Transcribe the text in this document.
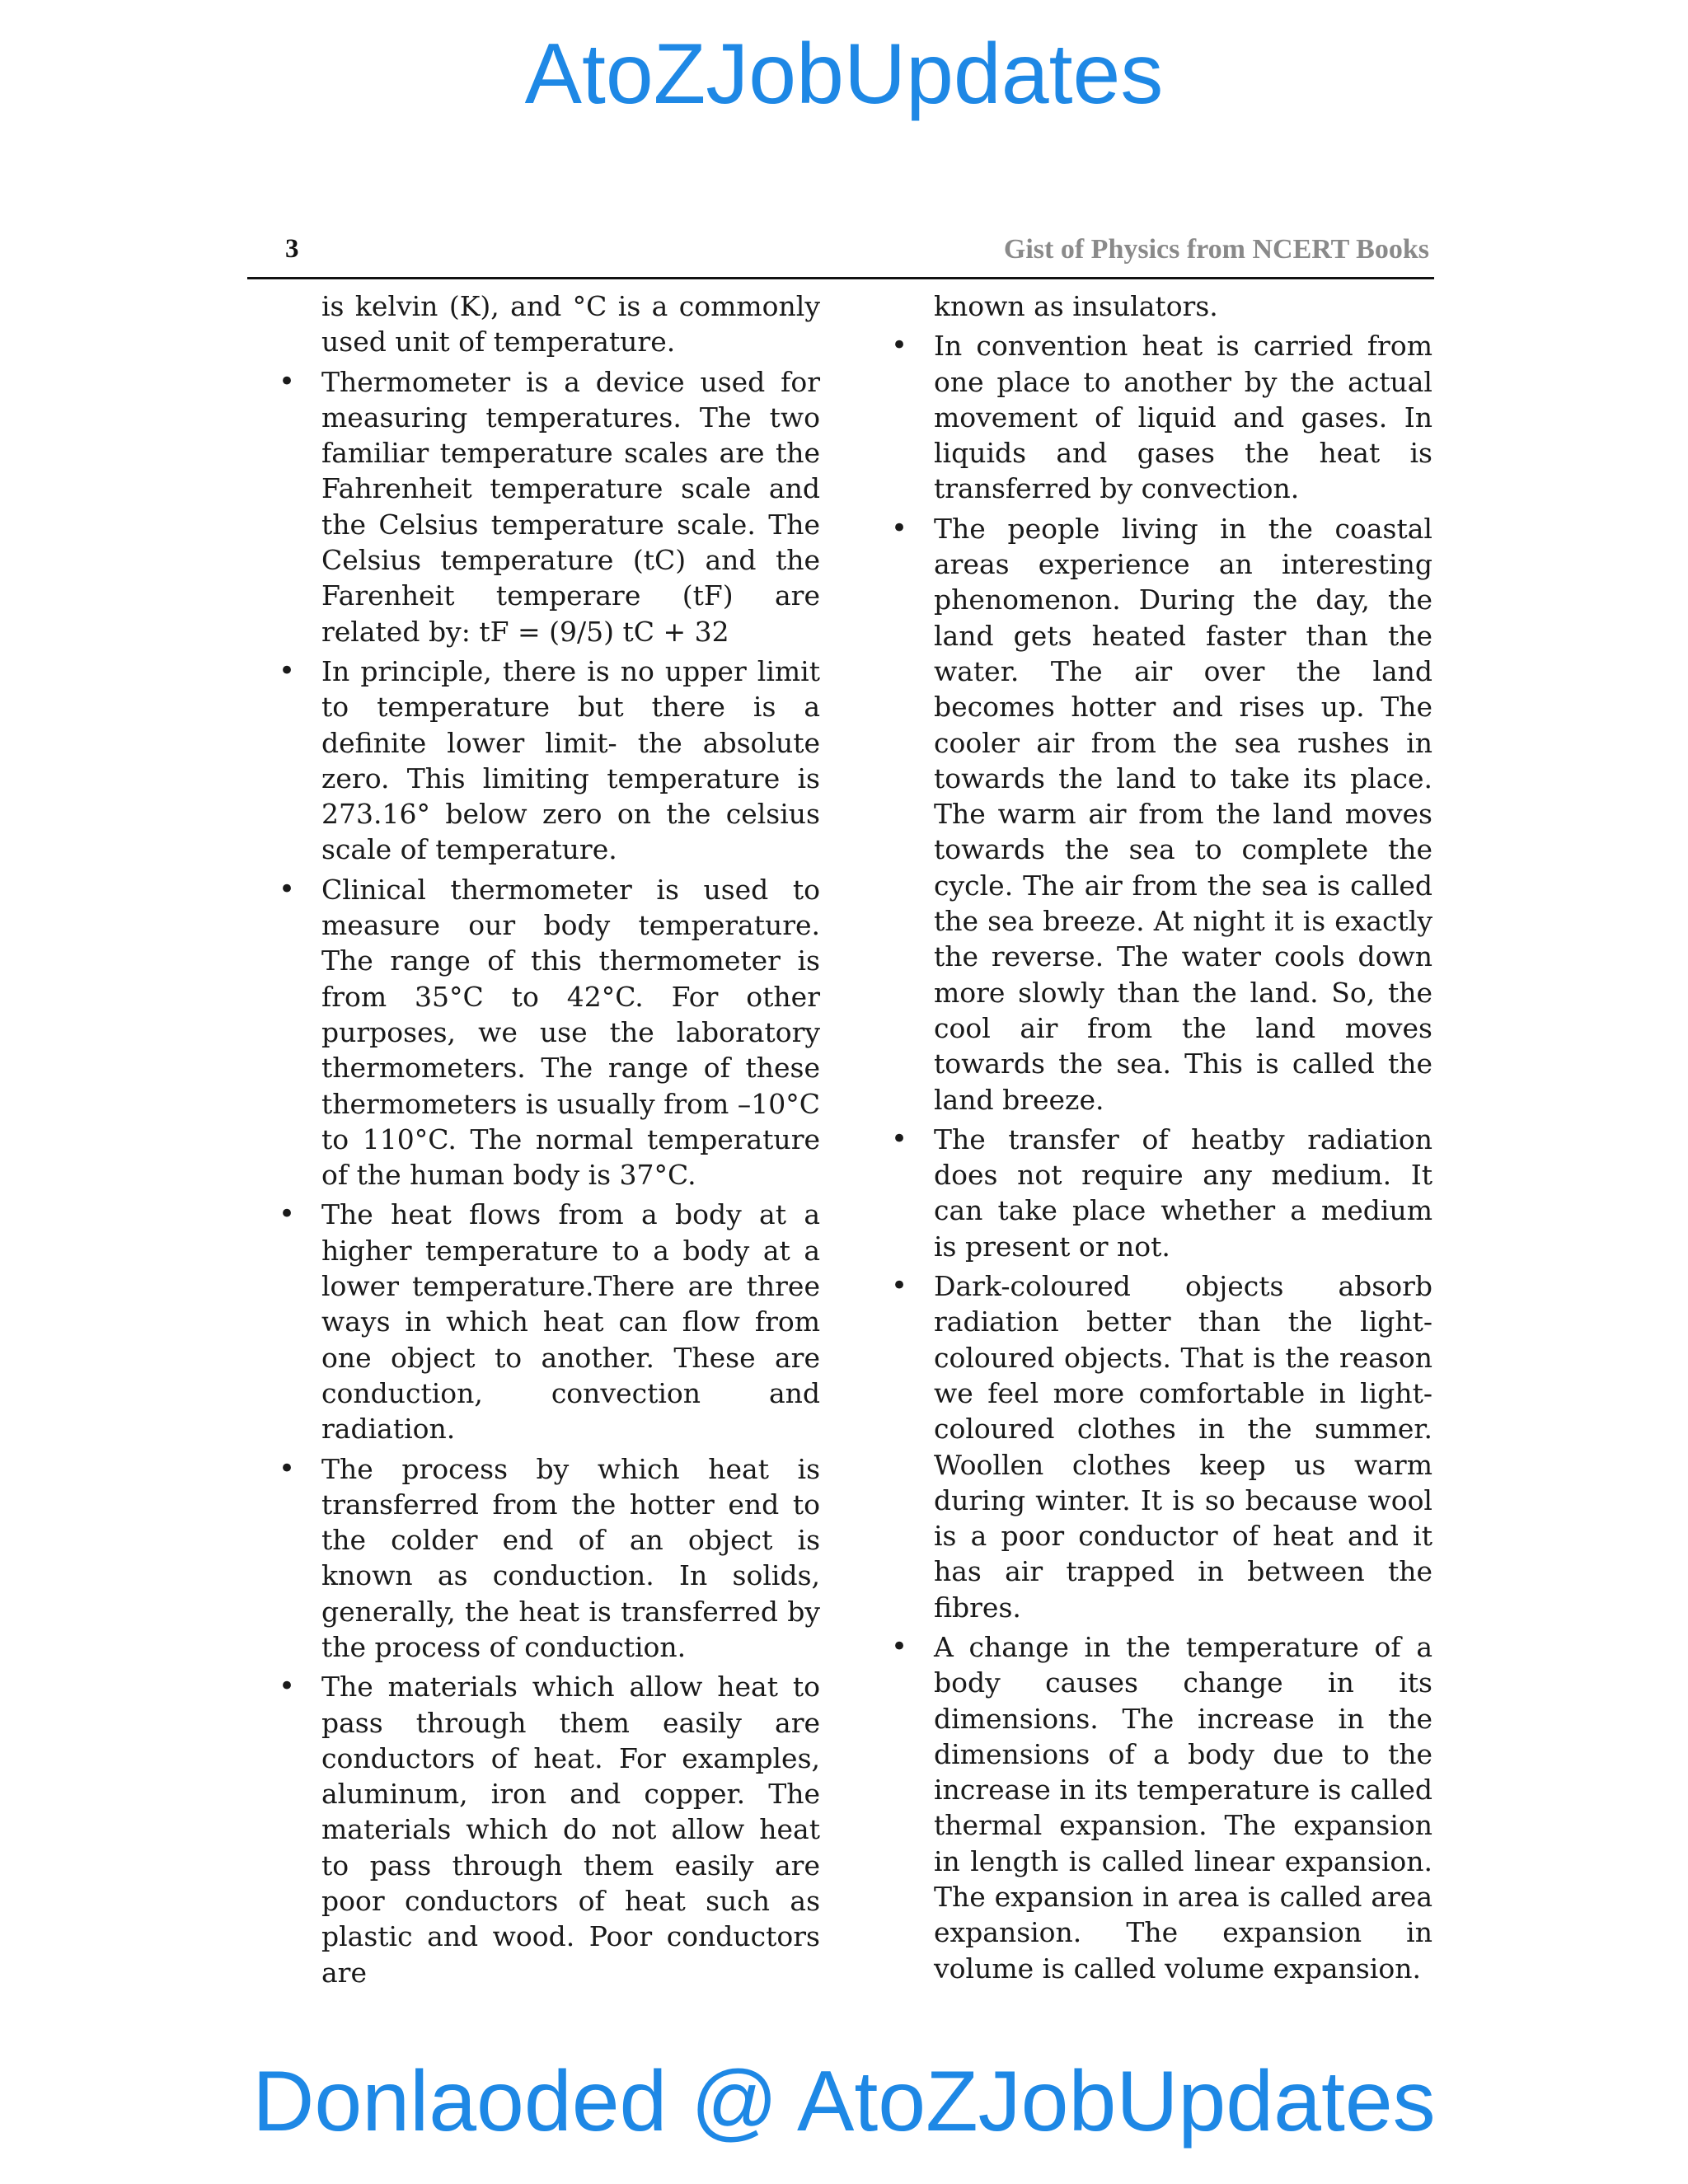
AtoZJobUpdates
3	Gist of Physics from NCERT Books

is kelvin (K), and °C is a commonly used unit of temperature.

• Thermometer is a device used for measuring temperatures. The two familiar temperature scales are the Fahrenheit temperature scale and the Celsius temperature scale. The Celsius temperature (tC) and the Farenheit temperare (tF) are related by: tF = (9/5) tC + 32

• In principle, there is no upper limit to temperature but there is a definite lower limit- the absolute zero. This limiting temperature is 273.16° below zero on the celsius scale of temperature.

• Clinical thermometer is used to measure our body temperature. The range of this thermometer is from 35°C to 42°C. For other purposes, we use the laboratory thermometers. The range of these thermometers is usually from –10°C to 110°C. The normal temperature of the human body is 37°C.

• The heat flows from a body at a higher temperature to a body at a lower temperature.There are three ways in which heat can flow from one object to another. These are conduction, convection and radiation.

• The process by which heat is transferred from the hotter end to the colder end of an object is known as conduction. In solids, generally, the heat is transferred by the process of conduction.

• The materials which allow heat to pass through them easily are conductors of heat. For examples, aluminum, iron and copper. The materials which do not allow heat to pass through them easily are poor conductors of heat such as plastic and wood. Poor conductors are

known as insulators.

• In convention heat is carried from one place to another by the actual movement of liquid and gases. In liquids and gases the heat is transferred by convection.

• The people living in the coastal areas experience an interesting phenomenon. During the day, the land gets heated faster than the water. The air over the land becomes hotter and rises up. The cooler air from the sea rushes in towards the land to take its place. The warm air from the land moves towards the sea to complete the cycle. The air from the sea is called the sea breeze. At night it is exactly the reverse. The water cools down more slowly than the land. So, the cool air from the land moves towards the sea. This is called the land breeze.

• The transfer of heatby radiation does not require any medium. It can take place whether a medium is present or not.

• Dark-coloured objects absorb radiation better than the light-coloured objects. That is the reason we feel more comfortable in light-coloured clothes in the summer. Woollen clothes keep us warm during winter. It is so because wool is a poor conductor of heat and it has air trapped in between the fibres.

• A change in the temperature of a body causes change in its dimensions. The increase in the dimensions of a body due to the increase in its temperature is called thermal expansion. The expansion in length is called linear expansion. The expansion in area is called area expansion. The expansion in volume is called volume expansion.

Donlaoded @ AtoZJobUpdates
